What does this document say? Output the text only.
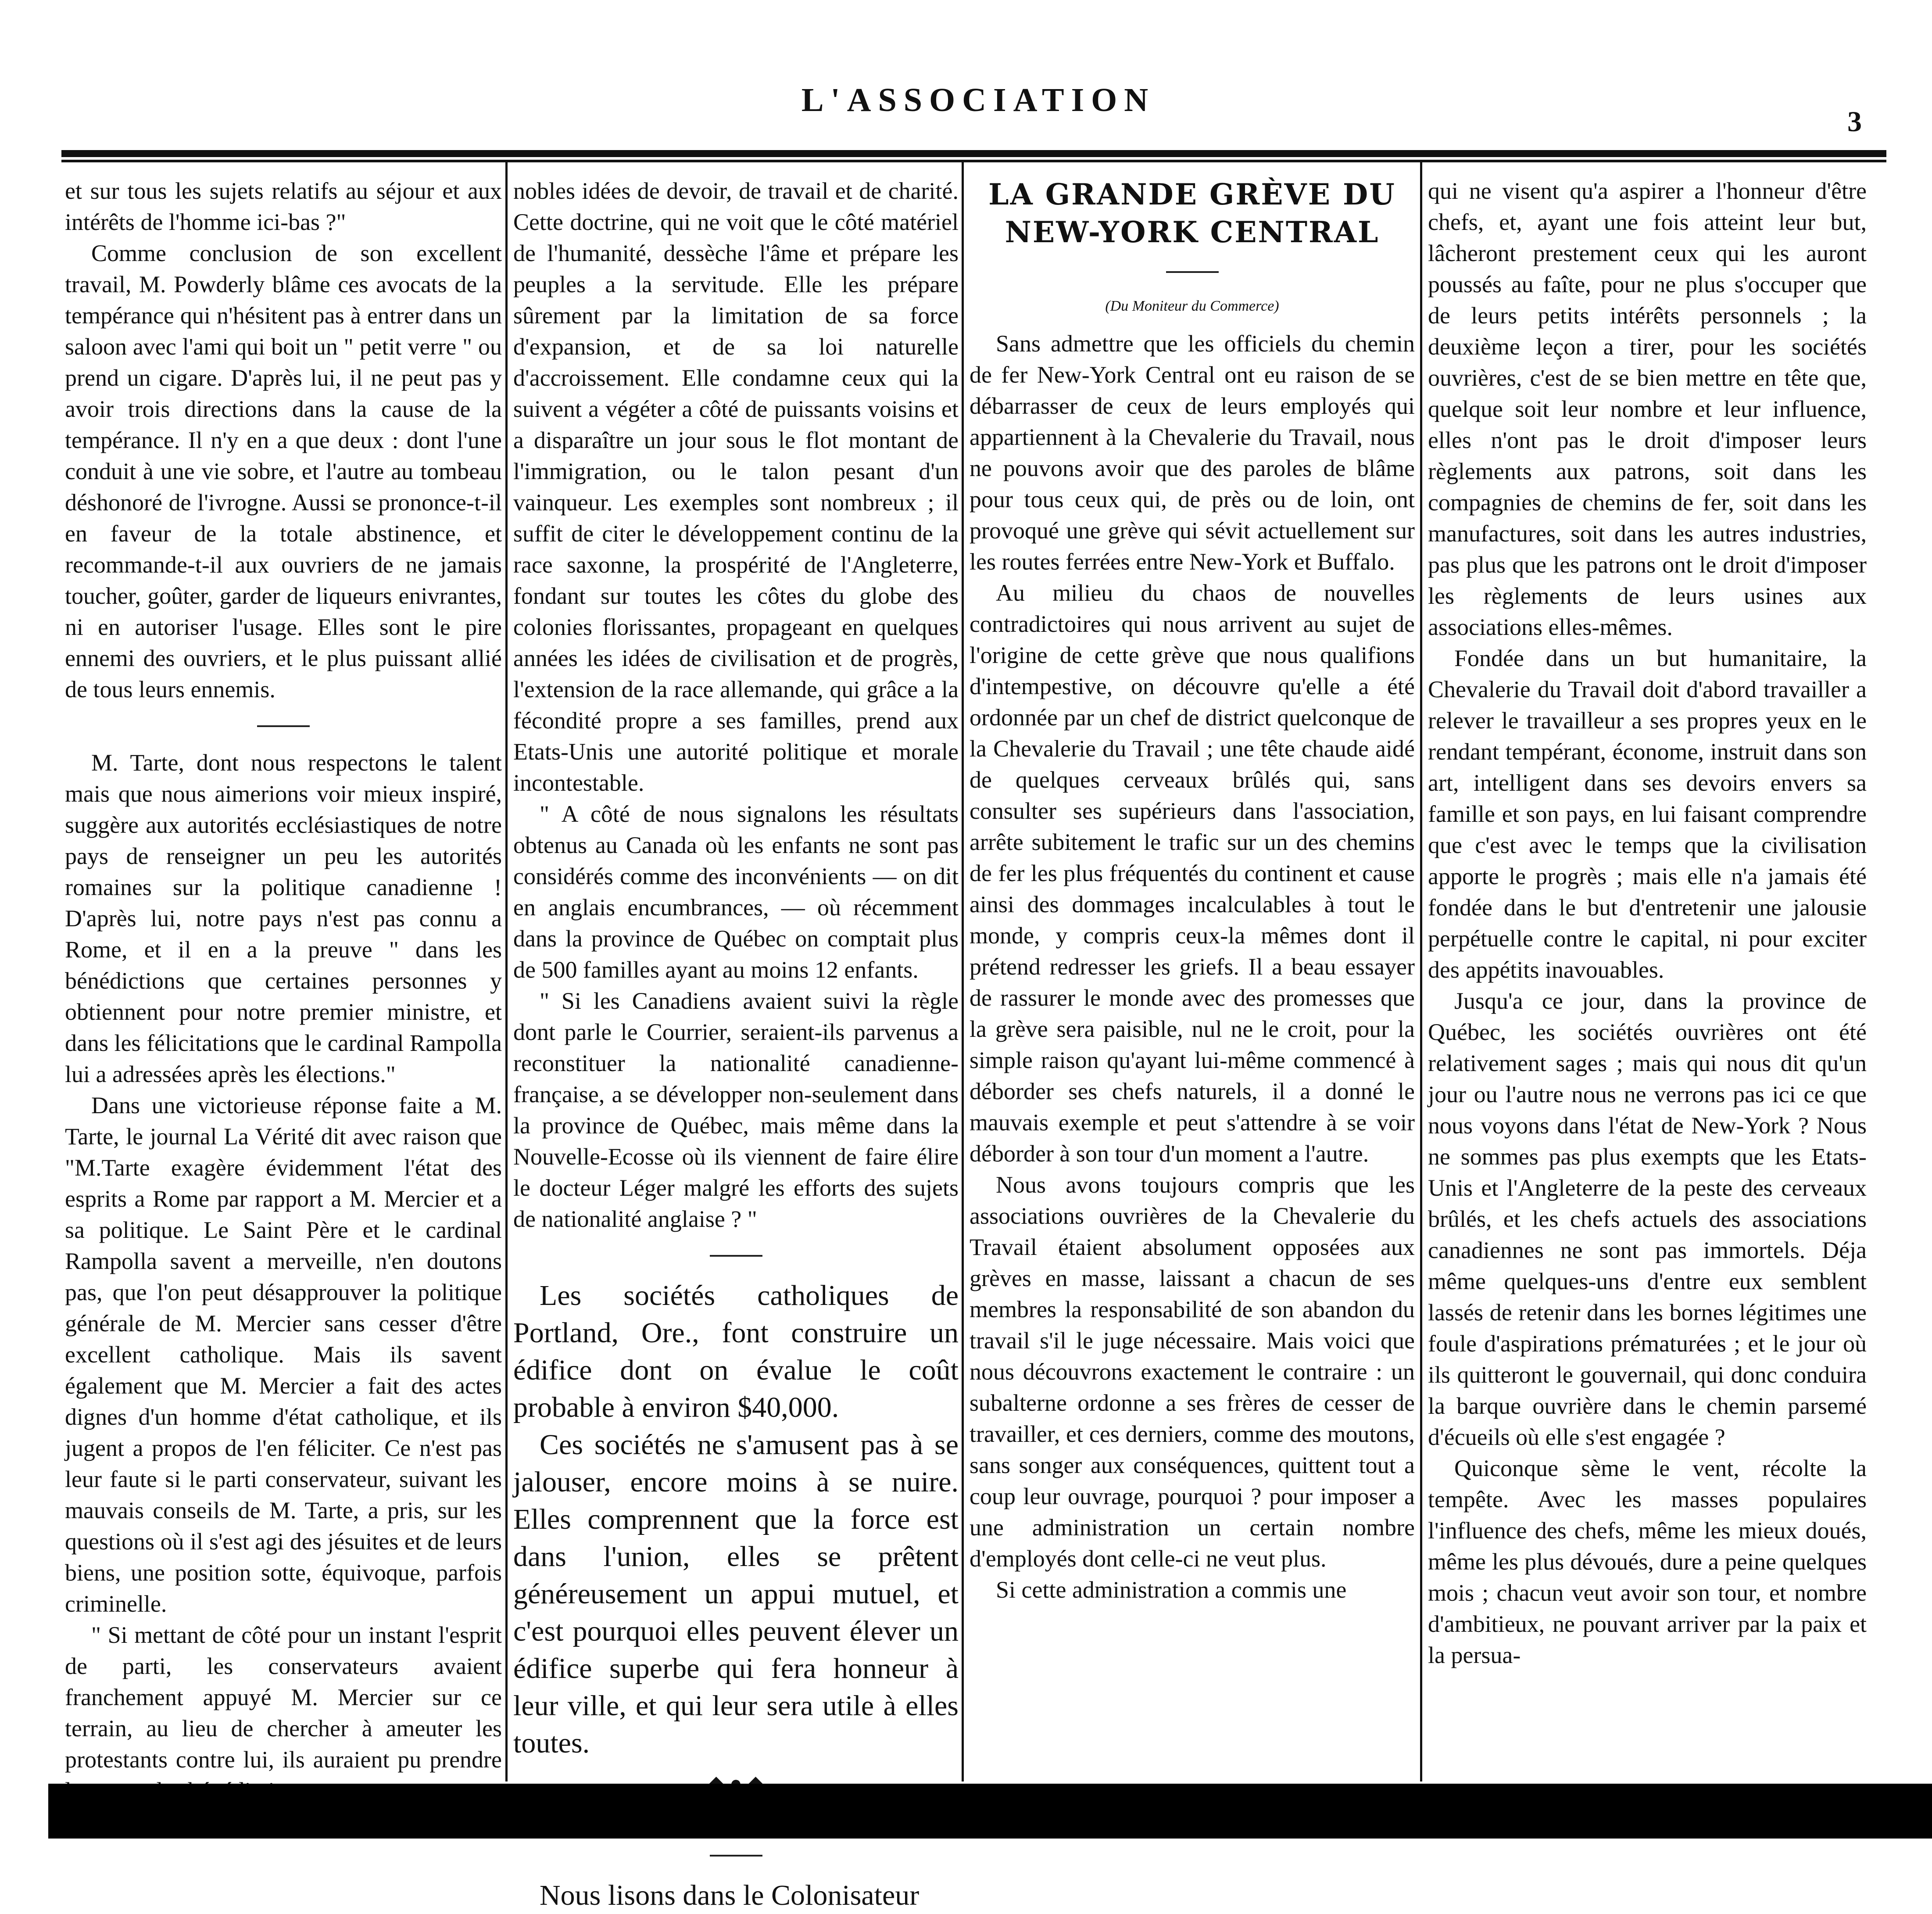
L'ASSOCIATION
3

et sur tous les sujets relatifs au séjour et aux intérêts de l'homme ici-bas ?"

Comme conclusion de son excellent travail, M. Powderly blâme ces avocats de la tempérance qui n'hésitent pas à entrer dans un saloon avec l'ami qui boit un " petit verre " ou prend un cigare. D'après lui, il ne peut pas y avoir trois directions dans la cause de la tempérance. Il n'y en a que deux : dont l'une conduit à une vie sobre, et l'autre au tombeau déshonoré de l'ivrogne. Aussi se prononce-t-il en faveur de la totale abstinence, et recommande-t-il aux ouvriers de ne jamais toucher, goûter, garder de liqueurs enivrantes, ni en autoriser l'usage. Elles sont le pire ennemi des ouvriers, et le plus puissant allié de tous leurs ennemis.

M. Tarte, dont nous respectons le talent mais que nous aimerions voir mieux inspiré, suggère aux autorités ecclésiastiques de notre pays de renseigner un peu les autorités romaines sur la politique canadienne ! D'après lui, notre pays n'est pas connu a Rome, et il en a la preuve " dans les bénédictions que certaines personnes y obtiennent pour notre premier ministre, et dans les félicitations que le cardinal Rampolla lui a adressées après les élections."

Dans une victorieuse réponse faite a M. Tarte, le journal La Vérité dit avec raison que "M.Tarte exagère évidemment l'état des esprits a Rome par rapport a M. Mercier et a sa politique. Le Saint Père et le cardinal Rampolla savent a merveille, n'en doutons pas, que l'on peut désapprouver la politique générale de M. Mercier sans cesser d'être excellent catholique. Mais ils savent également que M. Mercier a fait des actes dignes d'un homme d'état catholique, et ils jugent a propos de l'en féliciter. Ce n'est pas leur faute si le parti conservateur, suivant les mauvais conseils de M. Tarte, a pris, sur les questions où il s'est agi des jésuites et de leurs biens, une position sotte, équivoque, parfois criminelle.

" Si mettant de côté pour un instant l'esprit de parti, les conservateurs avaient franchement appuyé M. Mercier sur ce terrain, au lieu de chercher à ameuter les protestants contre lui, ils auraient pu prendre

nobles idées de devoir, de travail et de charité. Cette doctrine, qui ne voit que le côté matériel de l'humanité, dessèche l'âme et prépare les peuples a la servitude. Elle les prépare sûrement par la limitation de sa force d'expansion, et de sa loi naturelle d'accroissement. Elle condamne ceux qui la suivent a végéter a côté de puissants voisins et a disparaître un jour sous le flot montant de l'immigration, ou le talon pesant d'un vainqueur. Les exemples sont nombreux ; il suffit de citer le développement continu de la race saxonne, la prospérité de l'Angleterre, fondant sur toutes les côtes du globe des colonies florissantes, propageant en quelques années les idées de civilisation et de progrès, l'extension de la race allemande, qui grâce a la fécondité propre a ses familles, prend aux Etats-Unis une autorité politique et morale incontestable.

" A côté de nous signalons les résultats obtenus au Canada où les enfants ne sont pas considérés comme des inconvénients — on dit en anglais encumbrances, — où récemment dans la province de Québec on comptait plus de 500 familles ayant au moins 12 enfants.

" Si les Canadiens avaient suivi la règle dont parle le Courrier, seraient-ils parvenus a reconstituer la nationalité canadienne-française, a se développer non-seulement dans la province de Québec, mais même dans la Nouvelle-Ecosse où ils viennent de faire élire le docteur Léger malgré les efforts des sujets de nationalité anglaise ? "

Les sociétés catholiques de Portland, Ore., font construire un édifice dont on évalue le coût probable à environ $40,000.

Ces sociétés ne s'amusent pas à se jalouser, encore moins à se nuire. Elles comprennent que la force est dans l'union, elles se prêtent généreusement un appui mutuel, et c'est pourquoi elles peuvent élever un édifice superbe qui fera honneur à leur ville, et qui leur sera utile à elles toutes.

Nous lisons dans le Colonisateur

LA GRANDE GRÈVE DU NEW-YORK CENTRAL
(Du Moniteur du Commerce)

Sans admettre que les officiels du chemin de fer New-York Central ont eu raison de se débarrasser de ceux de leurs employés qui appartiennent à la Chevalerie du Travail, nous ne pouvons avoir que des paroles de blâme pour tous ceux qui, de près ou de loin, ont provoqué une grève qui sévit actuellement sur les routes ferrées entre New-York et Buffalo.

Au milieu du chaos de nouvelles contradictoires qui nous arrivent au sujet de l'origine de cette grève que nous qualifions d'intempestive, on découvre qu'elle a été ordonnée par un chef de district quelconque de la Chevalerie du Travail ; une tête chaude aidé de quelques cerveaux brûlés qui, sans consulter ses supérieurs dans l'association, arrête subitement le trafic sur un des chemins de fer les plus fréquentés du continent et cause ainsi des dommages incalculables à tout le monde, y compris ceux-la mêmes dont il prétend redresser les griefs. Il a beau essayer de rassurer le monde avec des promesses que la grève sera paisible, nul ne le croit, pour la simple raison qu'ayant lui-même commencé à déborder ses chefs naturels, il a donné le mauvais exemple et peut s'attendre à se voir déborder à son tour d'un moment a l'autre.

Nous avons toujours compris que les associations ouvrières de la Chevalerie du Travail étaient absolument opposées aux grèves en masse, laissant a chacun de ses membres la responsabilité de son abandon du travail s'il le juge nécessaire. Mais voici que nous découvrons exactement le contraire : un subalterne ordonne a ses frères de cesser de travailler, et ces derniers, comme des moutons, sans songer aux conséquences, quittent tout a coup leur ouvrage, pourquoi ? pour imposer a une administration un certain nombre d'employés dont celle-ci ne veut plus.

Si cette administration a commis une

qui ne visent qu'a aspirer a l'honneur d'être chefs, et, ayant une fois atteint leur but, lâcheront prestement ceux qui les auront poussés au faîte, pour ne plus s'occuper que de leurs petits intérêts personnels ; la deuxième leçon a tirer, pour les sociétés ouvrières, c'est de se bien mettre en tête que, quelque soit leur nombre et leur influence, elles n'ont pas le droit d'imposer leurs règlements aux patrons, soit dans les compagnies de chemins de fer, soit dans les manufactures, soit dans les autres industries, pas plus que les patrons ont le droit d'imposer les règlements de leurs usines aux associations elles-mêmes.

Fondée dans un but humanitaire, la Chevalerie du Travail doit d'abord travailler a relever le travailleur a ses propres yeux en le rendant tempérant, économe, instruit dans son art, intelligent dans ses devoirs envers sa famille et son pays, en lui faisant comprendre que c'est avec le temps que la civilisation apporte le progrès ; mais elle n'a jamais été fondée dans le but d'entretenir une jalousie perpétuelle contre le capital, ni pour exciter des appétits inavouables.

Jusqu'a ce jour, dans la province de Québec, les sociétés ouvrières ont été relativement sages ; mais qui nous dit qu'un jour ou l'autre nous ne verrons pas ici ce que nous voyons dans l'état de New-York ? Nous ne sommes pas plus exempts que les Etats-Unis et l'Angleterre de la peste des cerveaux brûlés, et les chefs actuels des associations canadiennes ne sont pas immortels. Déja même quelques-uns d'entre eux semblent lassés de retenir dans les bornes légitimes une foule d'aspirations prématurées ; et le jour où ils quitteront le gouvernail, qui donc conduira la barque ouvrière dans le chemin parsemé d'écueils où elle s'est engagée ?

Quiconque sème le vent, récolte la tempête. Avec les masses populaires l'influence des chefs, même les mieux doués, même les plus dévoués, dure a peine quelques mois ; chacun veut avoir son tour, et nombre d'ambitieux, ne pouvant arriver par la paix et la persua-
